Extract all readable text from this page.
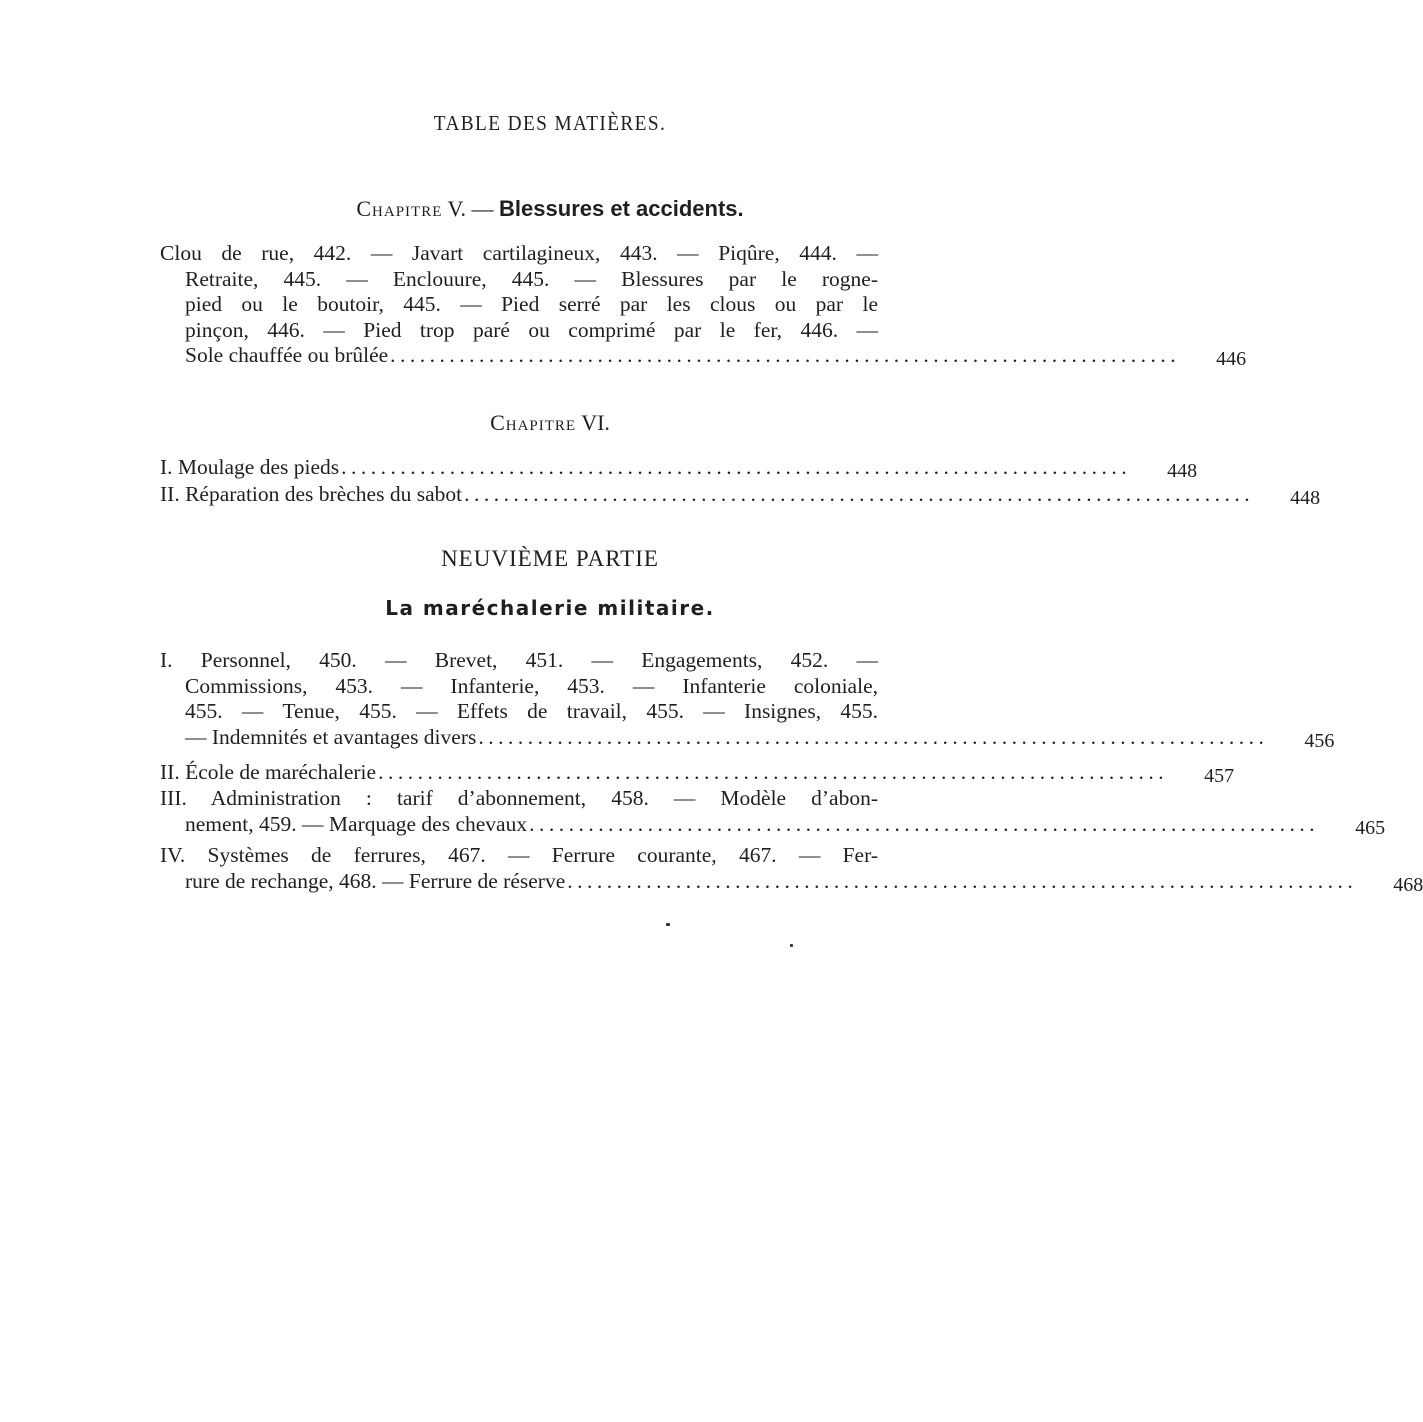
TABLE DES MATIÈRES.
Chapitre V. — Blessures et accidents.
Clou de rue, 442. — Javart cartilagineux, 443. — Piqûre, 444. —
Retraite, 445. — Enclouure, 445. — Blessures par le rogne-
pied ou le boutoir, 445. — Pied serré par les clous ou par le
pinçon, 446. — Pied trop paré ou comprimé par le fer, 446. —
Sole chauffée ou brûlée ................................................................................	446
Chapitre VI.
I. Moulage des pieds ................................................................................	448
II. Réparation des brèches du sabot ................................................................................	448
NEUVIÈME PARTIE
La maréchalerie militaire.
I. Personnel, 450. — Brevet, 451. — Engagements, 452. —
Commissions, 453. — Infanterie, 453. — Infanterie coloniale,
455. — Tenue, 455. — Effets de travail, 455. — Insignes, 455.
— Indemnités et avantages divers ................................................................................	456
II. École de maréchalerie ................................................................................	457
III. Administration : tarif d’abonnement, 458. — Modèle d’abon-
nement, 459. — Marquage des chevaux ................................................................................	465
IV. Systèmes de ferrures, 467. — Ferrure courante, 467. — Fer-
rure de rechange, 468. — Ferrure de réserve ................................................................................	468
